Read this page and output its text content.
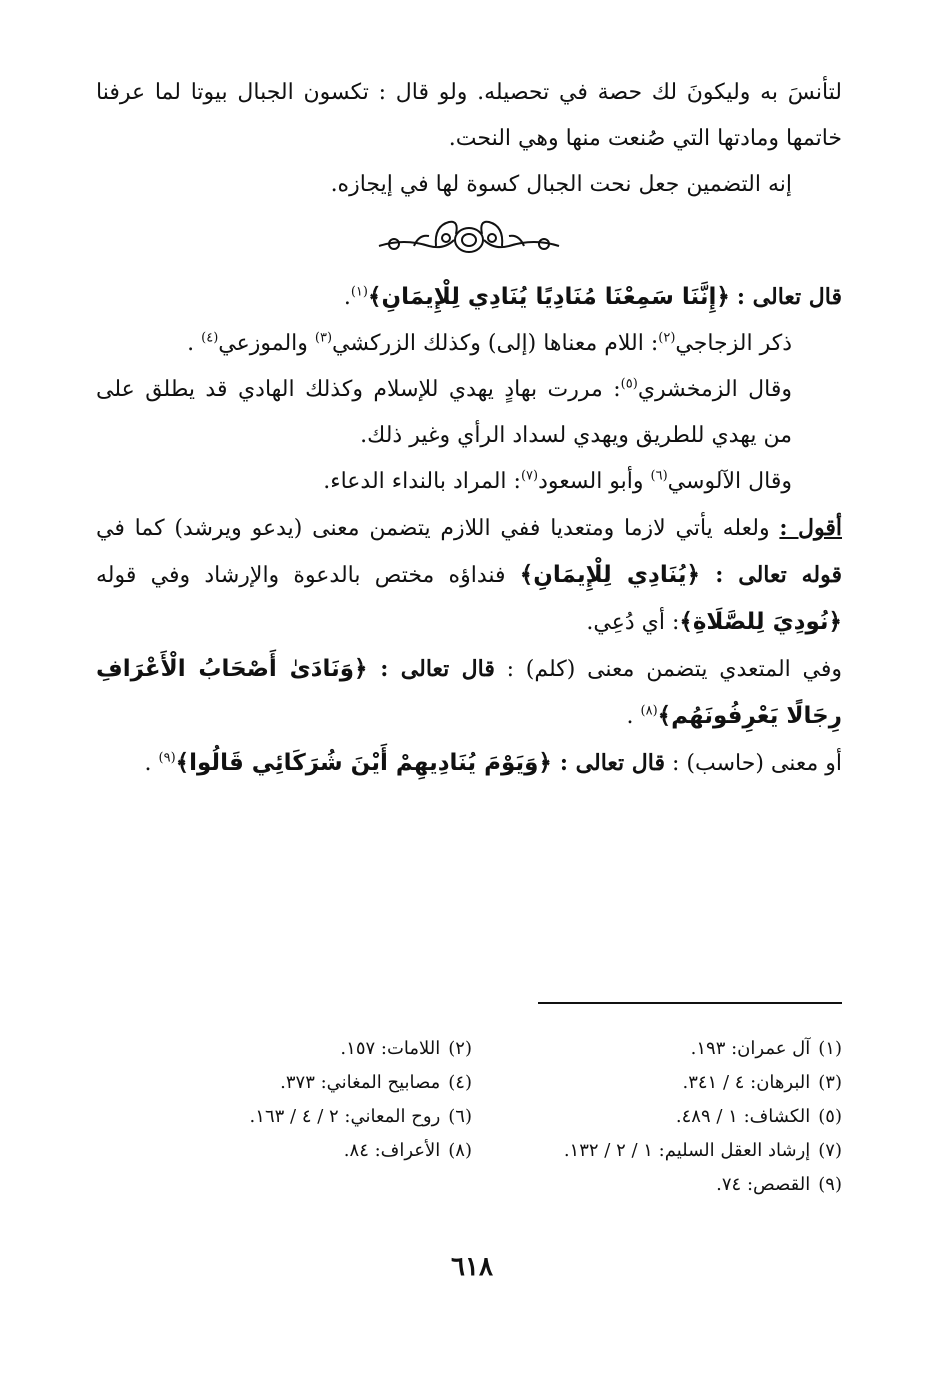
لتأنسَ به وليكونَ لك حصة في تحصيله. ولو قال : تكسون الجبال بيوتا لما عرفنا خاتمها ومادتها التي صُنعت منها وهي النحت.

إنه التضمين جعل نحت الجبال كسوة لها في إيجازه.

قال تعالى : ﴿إِنَّنَا سَمِعْنَا مُنَادِيًا يُنَادِي لِلْإِيمَانِ﴾$^{(١)}$.

ذكر الزجاجي$^{(٢)}$: اللام معناها (إلى) وكذلك الزركشي$^{(٣)}$ والموزعي$^{(٤)}$ .

وقال الزمخشري$^{(٥)}$: مررت بهادٍ يهدي للإسلام وكذلك الهادي قد يطلق على من يهدي للطريق ويهدي لسداد الرأي وغير ذلك.

وقال الآلوسي$^{(٦)}$ وأبو السعود$^{(٧)}$: المراد بالنداء الدعاء.

أقول : ولعله يأتي لازما ومتعديا ففي اللازم يتضمن معنى (يدعو ويرشد) كما في قوله تعالى : ﴿يُنَادِي لِلْإِيمَانِ﴾ فنداؤه مختص بالدعوة والإرشاد وفي قوله ﴿نُودِيَ لِلصَّلَاةِ﴾: أي دُعِي.

وفي المتعدي يتضمن معنى (كلم) : قال تعالى : ﴿وَنَادَىٰ أَصْحَابُ الْأَعْرَافِ رِجَالًا يَعْرِفُونَهُم﴾$^{(٨)}$ .

أو معنى (حاسب) : قال تعالى : ﴿وَيَوْمَ يُنَادِيهِمْ أَيْنَ شُرَكَائِي قَالُوا﴾$^{(٩)}$ .

(١)آل عمران: ١٩٣.
(٢)اللامات: ١٥٧.
(٣)البرهان: ٤ / ٣٤١.
(٤)مصابيح المغاني: ٣٧٣.
(٥)الكشاف: ١ / ٤٨٩.
(٦)روح المعاني: ٢ / ٤ / ١٦٣.
(٧)إرشاد العقل السليم: ١ / ٢ / ١٣٢.
(٨)الأعراف: ٨٤.
(٩)القصص: ٧٤.
٦١٨
